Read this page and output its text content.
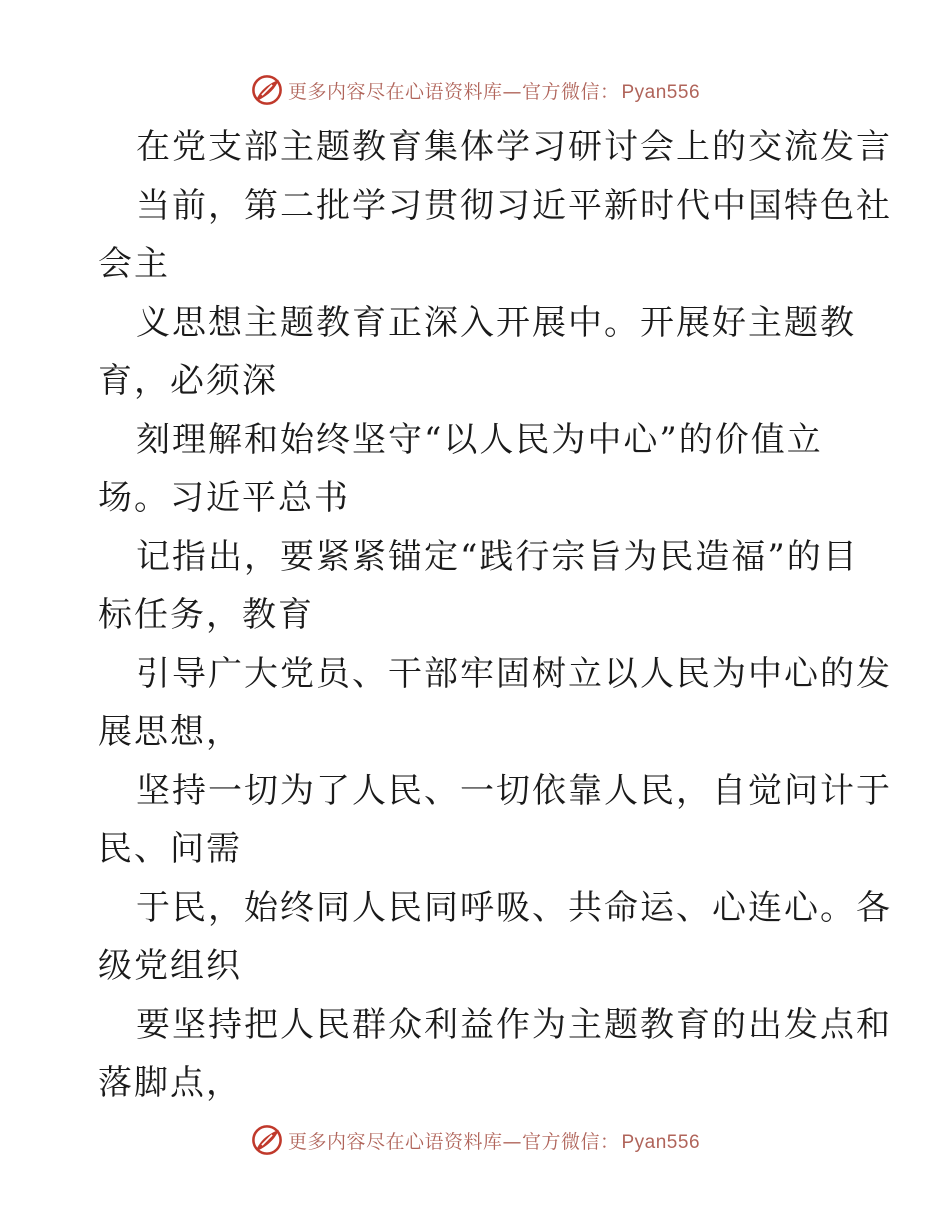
更多内容尽在心语资料库—官方微信： Pyan556
在党支部主题教育集体学习研讨会上的交流发言
当前，第二批学习贯彻习近平新时代中国特色社
会主
义思想主题教育正深入开展中。开展好主题教
育，必须深
刻理解和始终坚守“以人民为中心”的价值立
场。习近平总书
记指出，要紧紧锚定“践行宗旨为民造福”的目
标任务，教育
引导广大党员、干部牢固树立以人民为中心的发
展思想，
坚持一切为了人民、一切依靠人民，自觉问计于
民、问需
于民，始终同人民同呼吸、共命运、心连心。各
级党组织
要坚持把人民群众利益作为主题教育的出发点和
落脚点，
更多内容尽在心语资料库—官方微信： Pyan556
